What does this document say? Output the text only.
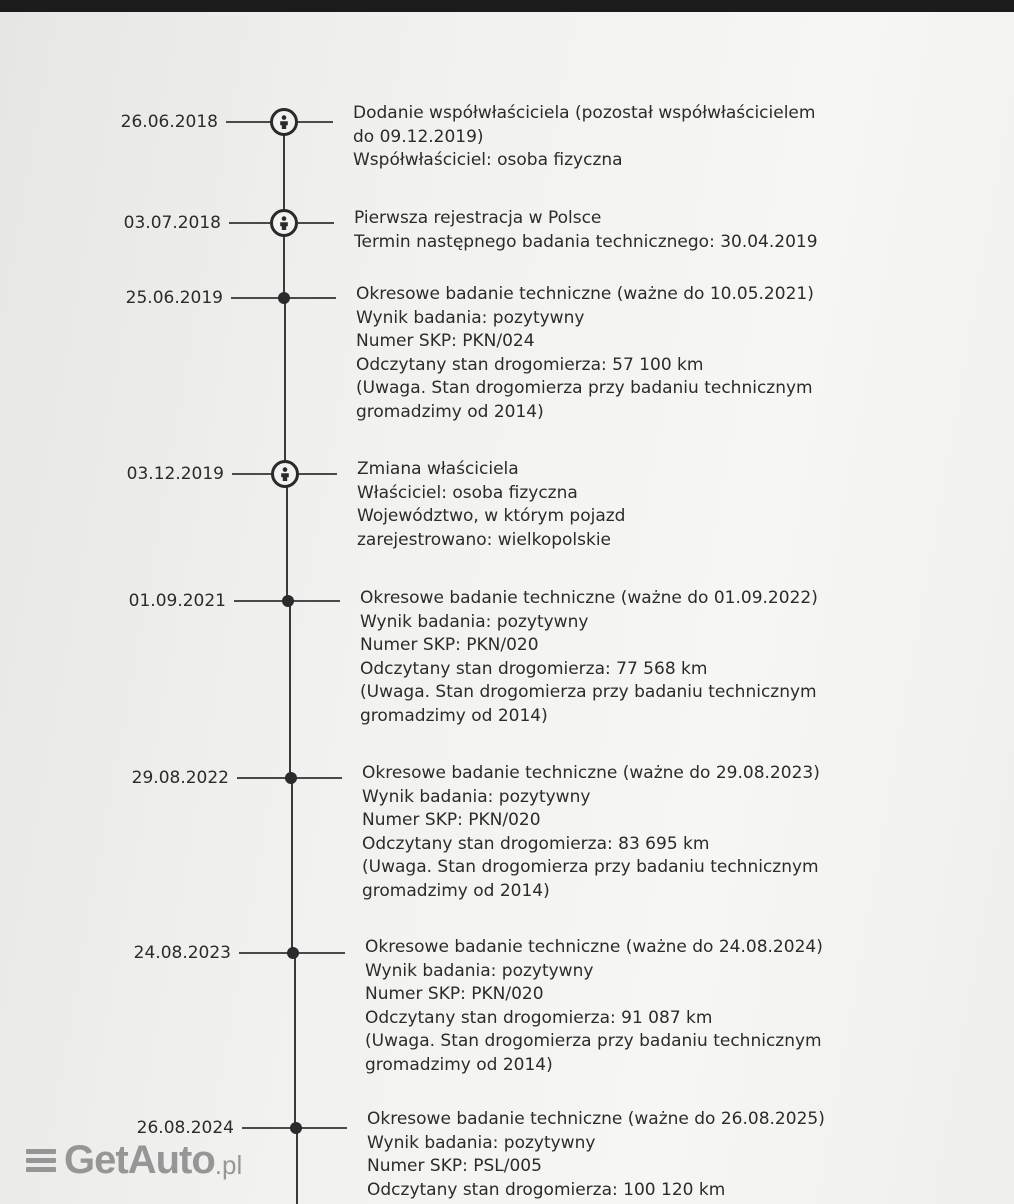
26.06.2018	Dodanie współwłaściciela (pozostał współwłaścicielem
do 09.12.2019)
Współwłaściciel: osoba fizyczna
03.07.2018	Pierwsza rejestracja w Polsce
Termin następnego badania technicznego: 30.04.2019
25.06.2019	Okresowe badanie techniczne (ważne do 10.05.2021)
Wynik badania: pozytywny
Numer SKP: PKN/024
Odczytany stan drogomierza: 57 100 km
(Uwaga. Stan drogomierza przy badaniu technicznym
gromadzimy od 2014)
03.12.2019	Zmiana właściciela
Właściciel: osoba fizyczna
Województwo, w którym pojazd
zarejestrowano: wielkopolskie
01.09.2021	Okresowe badanie techniczne (ważne do 01.09.2022)
Wynik badania: pozytywny
Numer SKP: PKN/020
Odczytany stan drogomierza: 77 568 km
(Uwaga. Stan drogomierza przy badaniu technicznym
gromadzimy od 2014)
29.08.2022	Okresowe badanie techniczne (ważne do 29.08.2023)
Wynik badania: pozytywny
Numer SKP: PKN/020
Odczytany stan drogomierza: 83 695 km
(Uwaga. Stan drogomierza przy badaniu technicznym
gromadzimy od 2014)
24.08.2023	Okresowe badanie techniczne (ważne do 24.08.2024)
Wynik badania: pozytywny
Numer SKP: PKN/020
Odczytany stan drogomierza: 91 087 km
(Uwaga. Stan drogomierza przy badaniu technicznym
gromadzimy od 2014)
26.08.2024	Okresowe badanie techniczne (ważne do 26.08.2025)
Wynik badania: pozytywny
Numer SKP: PSL/005
Odczytany stan drogomierza: 100 120 km
Get Auto .pl
